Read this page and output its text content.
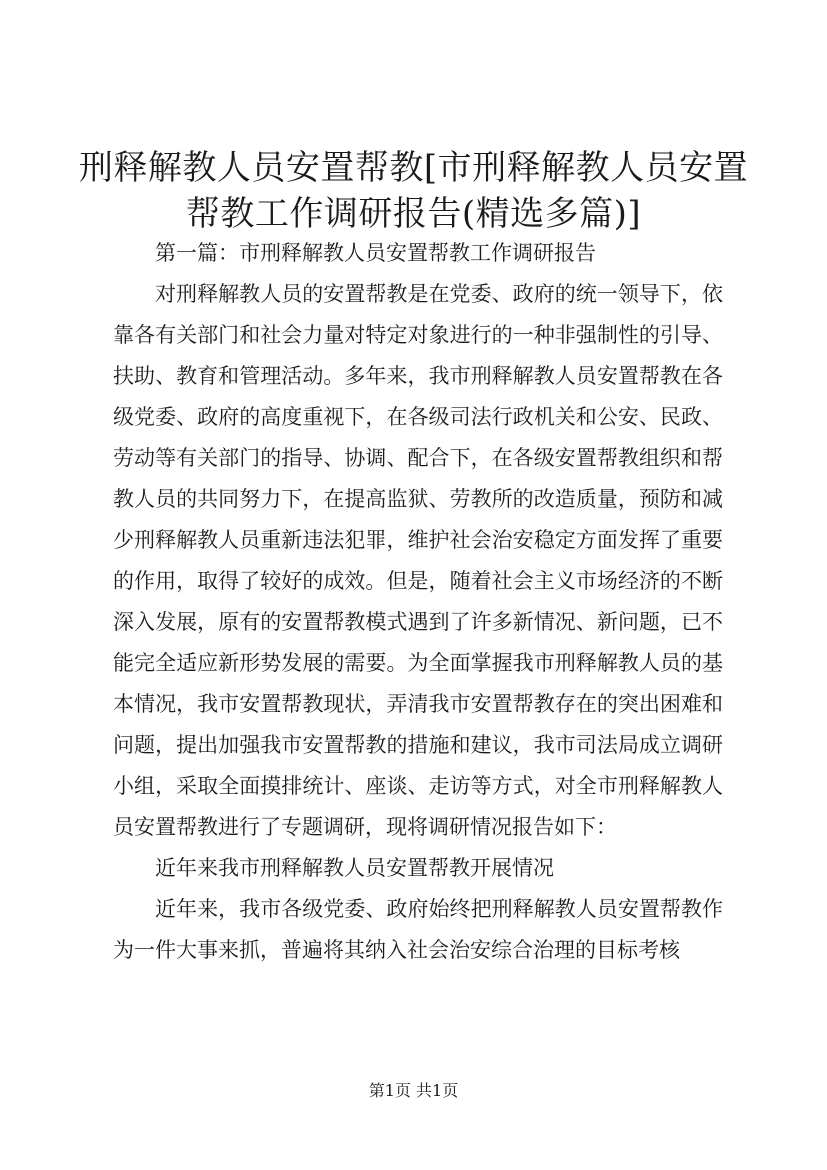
刑释解教人员安置帮教[市刑释解教人员安置
帮教工作调研报告(精选多篇)]

第一篇：市刑释解教人员安置帮教工作调研报告

对刑释解教人员的安置帮教是在党委、政府的统一领导下，依靠各有关部门和社会力量对特定对象进行的一种非强制性的引导、扶助、教育和管理活动。多年来，我市刑释解教人员安置帮教在各级党委、政府的高度重视下，在各级司法行政机关和公安、民政、劳动等有关部门的指导、协调、配合下，在各级安置帮教组织和帮教人员的共同努力下，在提高监狱、劳教所的改造质量，预防和减少刑释解教人员重新违法犯罪，维护社会治安稳定方面发挥了重要的作用，取得了较好的成效。但是，随着社会主义市场经济的不断深入发展，原有的安置帮教模式遇到了许多新情况、新问题，已不能完全适应新形势发展的需要。为全面掌握我市刑释解教人员的基本情况，我市安置帮教现状，弄清我市安置帮教存在的突出困难和问题，提出加强我市安置帮教的措施和建议，我市司法局成立调研小组，采取全面摸排统计、座谈、走访等方式，对全市刑释解教人员安置帮教进行了专题调研，现将调研情况报告如下：

近年来我市刑释解教人员安置帮教开展情况

近年来，我市各级党委、政府始终把刑释解教人员安置帮教作为一件大事来抓，普遍将其纳入社会治安综合治理的目标考核

第1页 共1页
